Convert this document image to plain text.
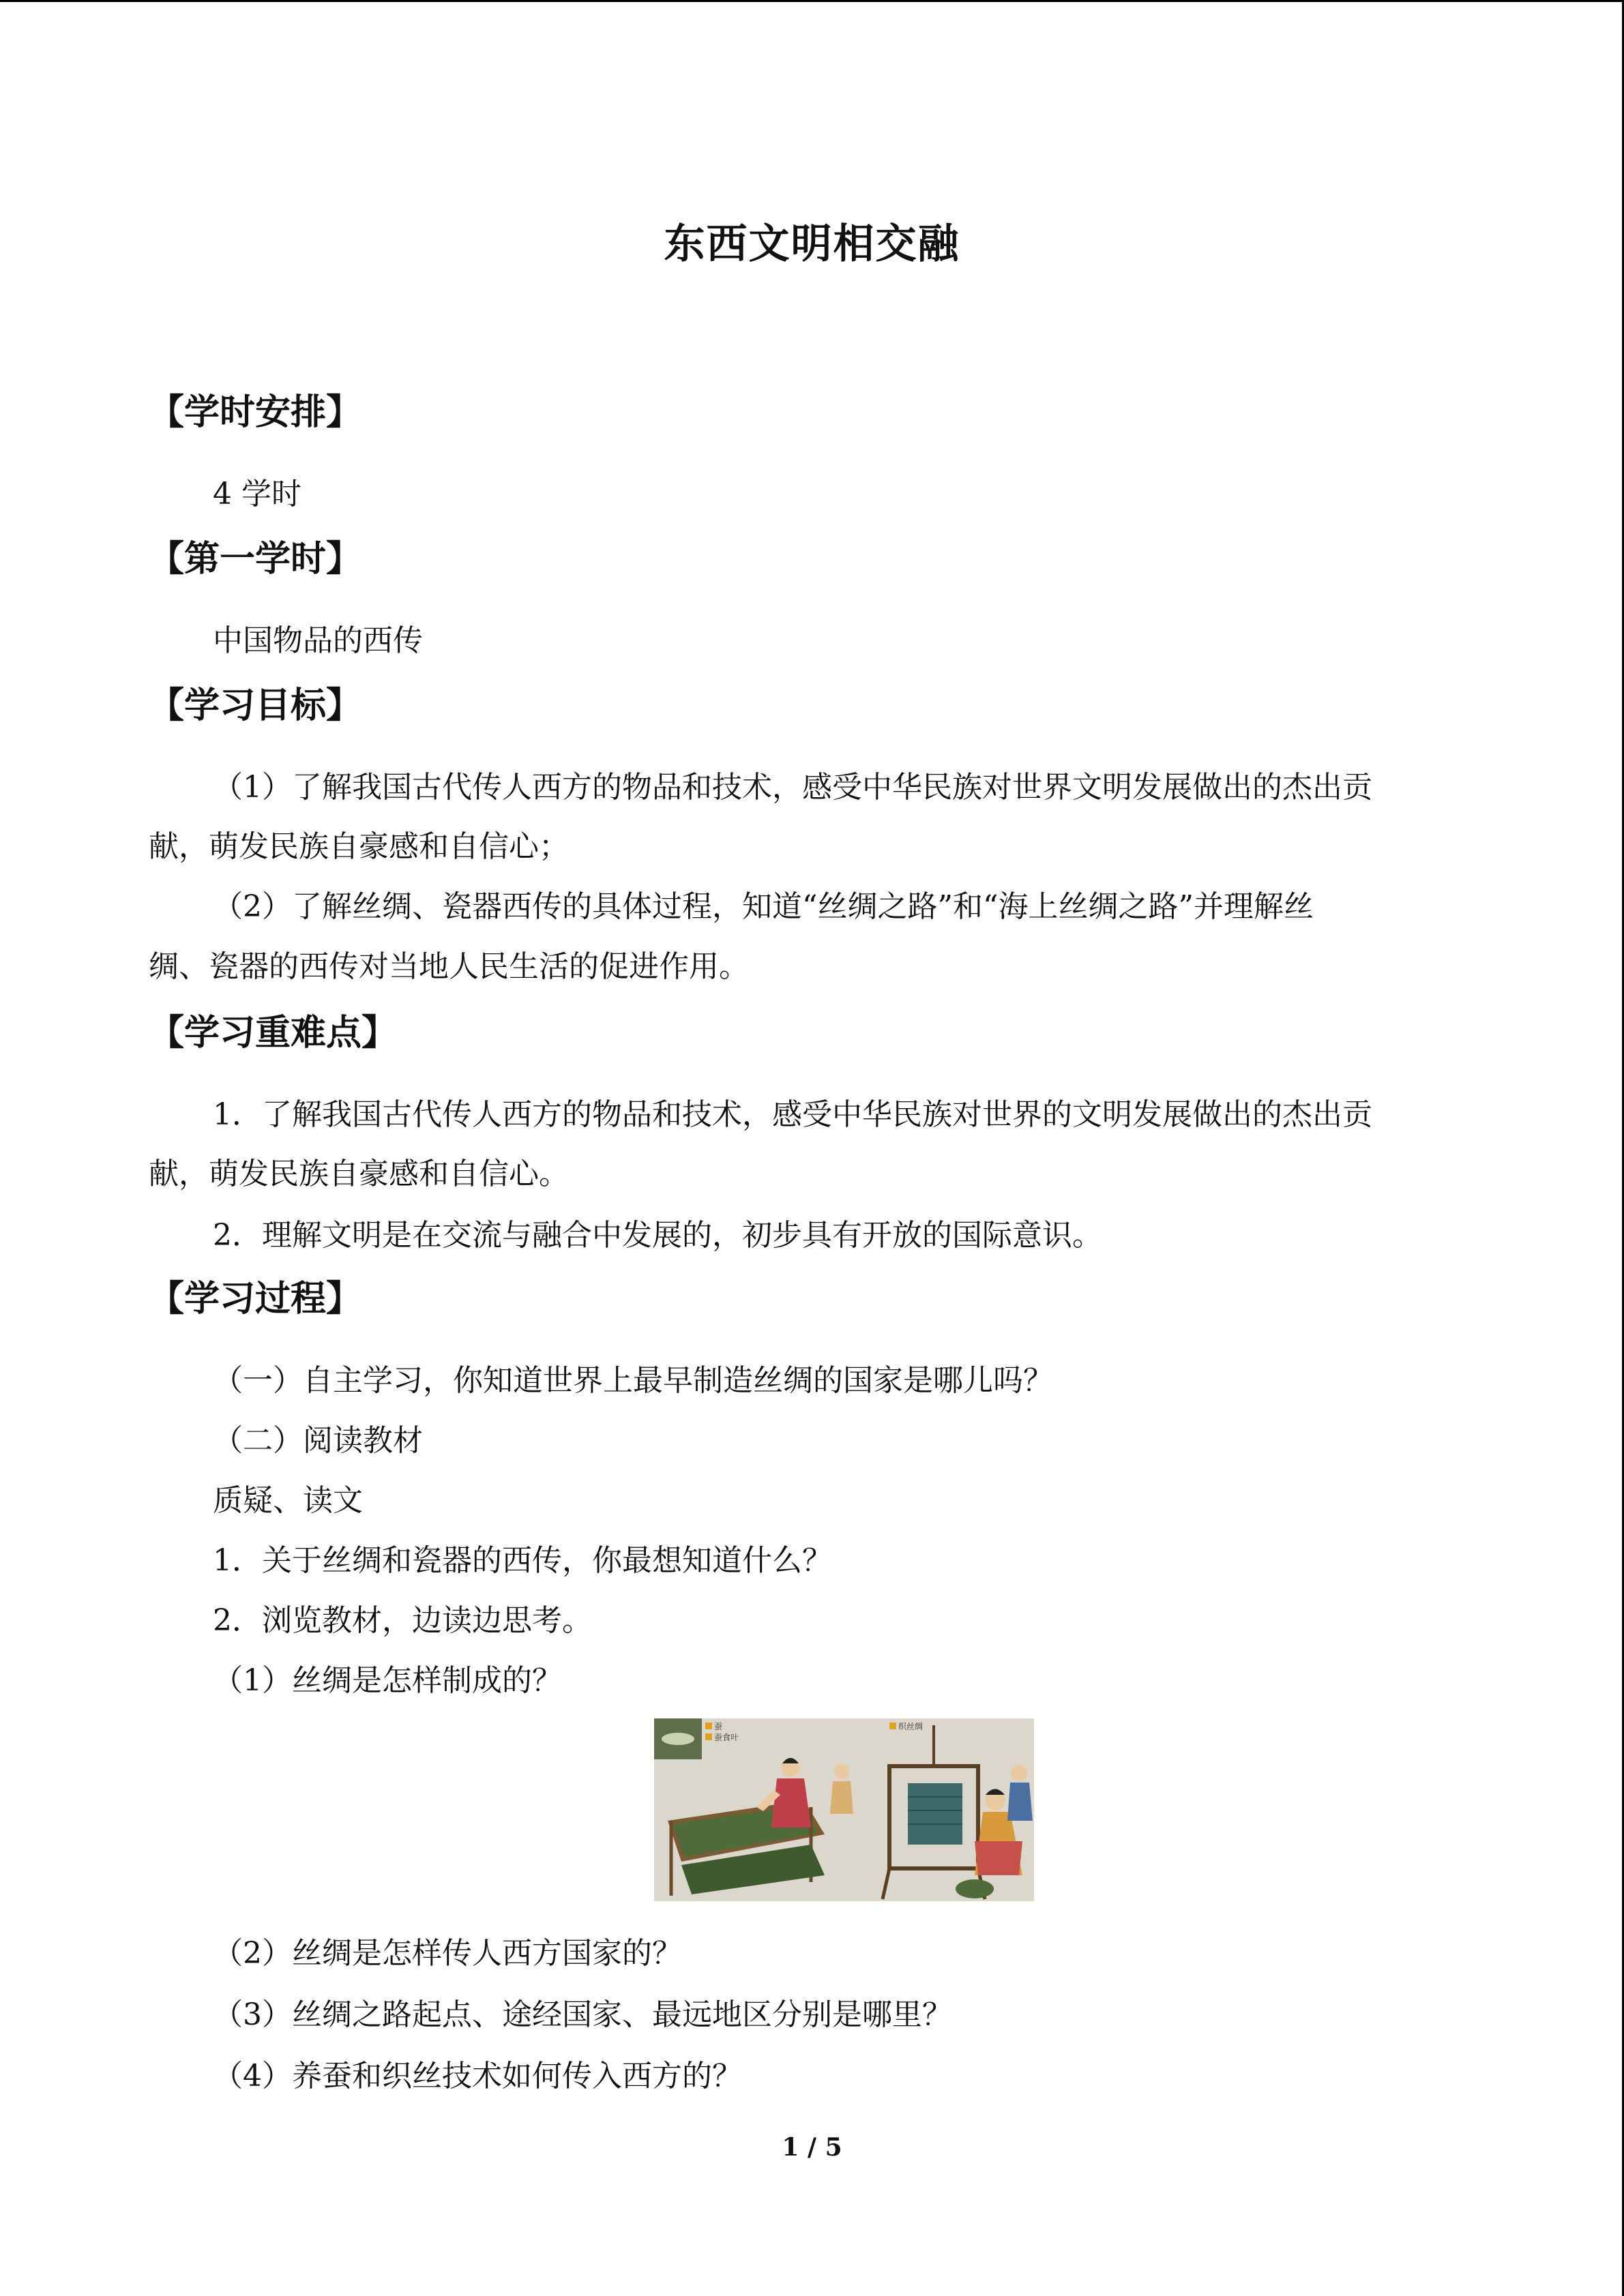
东西文明相交融
【学时安排】
4 学时
【第一学时】
中国物品的西传
【学习目标】
（1）了解我国古代传人西方的物品和技术，感受中华民族对世界文明发展做出的杰出贡
献，萌发民族自豪感和自信心；
（2）了解丝绸、瓷器西传的具体过程，知道“丝绸之路”和“海上丝绸之路”并理解丝
绸、瓷器的西传对当地人民生活的促进作用。
【学习重难点】
1．了解我国古代传人西方的物品和技术，感受中华民族对世界的文明发展做出的杰出贡
献，萌发民族自豪感和自信心。
2．理解文明是在交流与融合中发展的，初步具有开放的国际意识。
【学习过程】
（一）自主学习，你知道世界上最早制造丝绸的国家是哪儿吗？
（二）阅读教材
质疑、读文
1．关于丝绸和瓷器的西传，你最想知道什么？
2．浏览教材，边读边思考。
（1）丝绸是怎样制成的？
蚕
蚕食叶
织丝绸
（2）丝绸是怎样传人西方国家的？
（3）丝绸之路起点、途经国家、最远地区分别是哪里？
（4）养蚕和织丝技术如何传入西方的？
1 / 5
